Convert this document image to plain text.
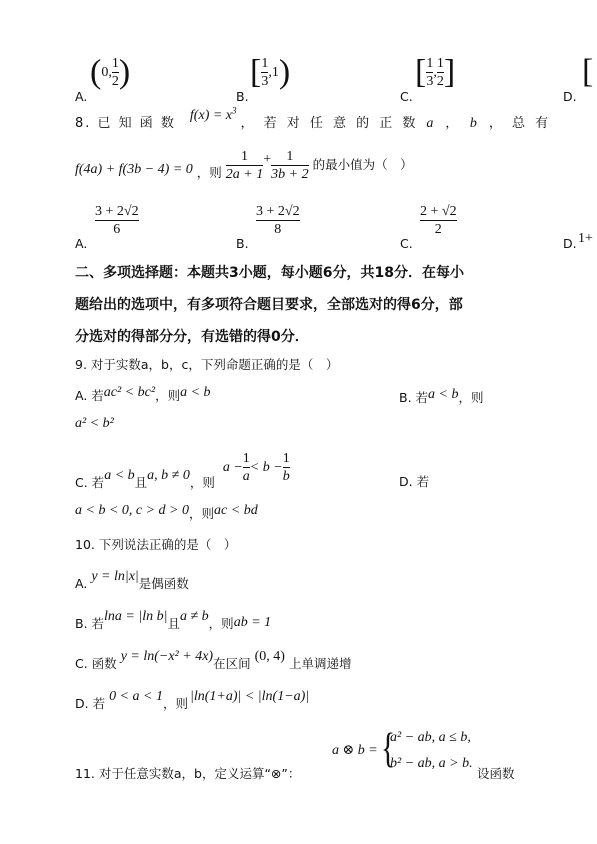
A.
(0, $\frac{1}{2}$ )
B.
[ $\frac{1}{3} ,1$)
C.
[ $\frac{1}{3}$ , $\frac{1}{2}$ ]
D.
[
8. 已 知 函 数 $f(x) = x^3$ ， 若 对 任 意 的 正 数 a ， b ， 总 有
f(4a) + f(3b − 4) = 0 ，则 $\frac{1}{2a + 1} + \frac{1}{3b + 2}$ 的最小值为（　）
A.
3 + 2√2
6
B.
3 + 2√2
8
C.
2 + √2
2
D. 1+
二、多项选择题：本题共3小题，每小题6分，共18分．在每小
题给出的选项中，有多项符合题目要求，全部选对的得6分，部
分选对的得部分分，有选错的得0分．
9. 对于实数a，b，c，下列命题正确的是（　）
A. 若ac² < bc²，则a < b	B. 若a < b，则
a² < b²
C. 若a < b且a, b ≠ 0，则 $a - \frac{1}{a} < b - \frac{1}{b}$	D. 若
a < b < 0, c > d > 0，则ac < bd
10. 下列说法正确的是（　）
A. y = ln|x|是偶函数
B. 若lna = |ln b|且a ≠ b，则ab = 1
C. 函数 y = ln(−x² + 4x)在区间 (0, 4) 上单调递增
D. 若 0 < a < 1，则 |ln(1+a)| < |ln(1−a)|
11. 对于任意实数a，b，定义运算“⊗”：
a ⊗ b = {
a² − ab, a ≤ b,
b² − ab, a > b.
设函数
